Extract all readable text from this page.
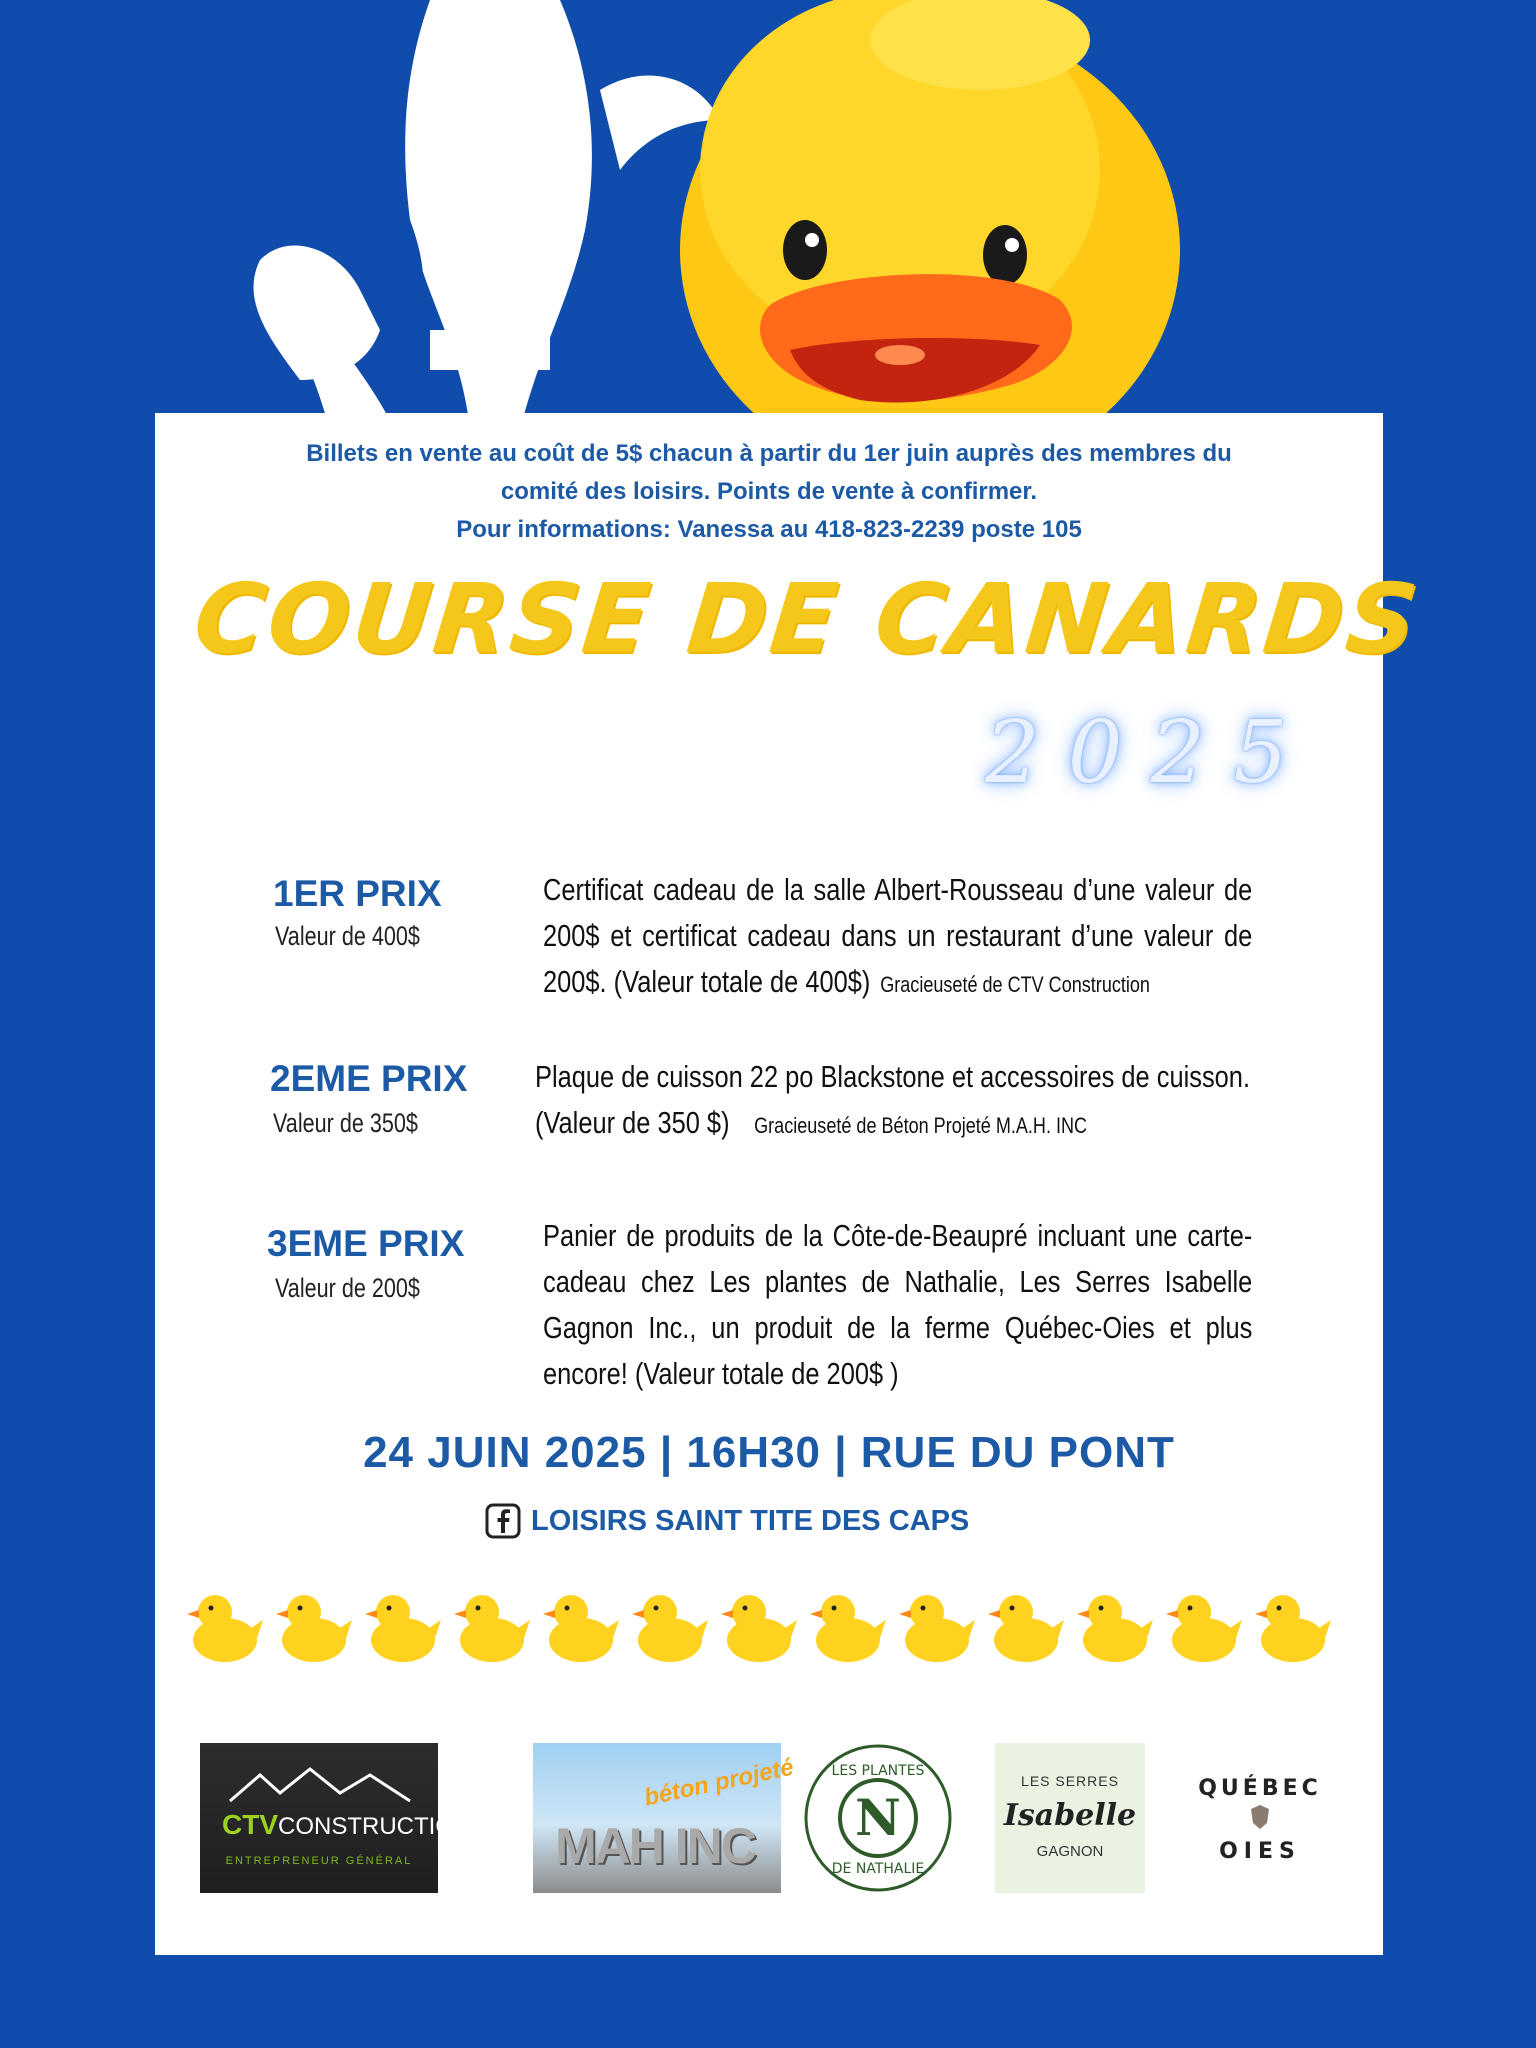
Billets en vente au coût de 5$ chacun à partir du 1er juin auprès des membres du
comité des loisirs. Points de vente à confirmer.
Pour informations: Vanessa au 418-823-2239 poste 105
COURSE DE CANARDS
2025
1ER PRIX
Valeur de 400$
Certificat cadeau de la salle Albert-Rousseau d’une valeur de 200$ et certificat cadeau dans un restaurant d’une valeur de 200$. (Valeur totale de 400$) Gracieuseté de CTV Construction
2EME PRIX
Valeur de 350$
Plaque de cuisson 22 po Blackstone et accessoires de cuisson.
(Valeur de 350 $) Gracieuseté de Béton Projeté M.A.H. INC
3EME PRIX
Valeur de 200$
Panier de produits de la Côte-de-Beaupré incluant une carte-cadeau chez Les plantes de Nathalie, Les Serres Isabelle Gagnon Inc., un produit de la ferme Québec-Oies et plus encore! (Valeur totale de 200$ )
24 JUIN 2025 | 16H30 | RUE DU PONT
LOISIRS SAINT TITE DES CAPS
CTVCONSTRUCTION
ENTREPRENEUR GÉNÉRAL
béton projeté
MAH INC N
LES PLANTES
DE NATHALIE
LES SERRES
Isabelle
GAGNON
QUÉBEC
OIES
